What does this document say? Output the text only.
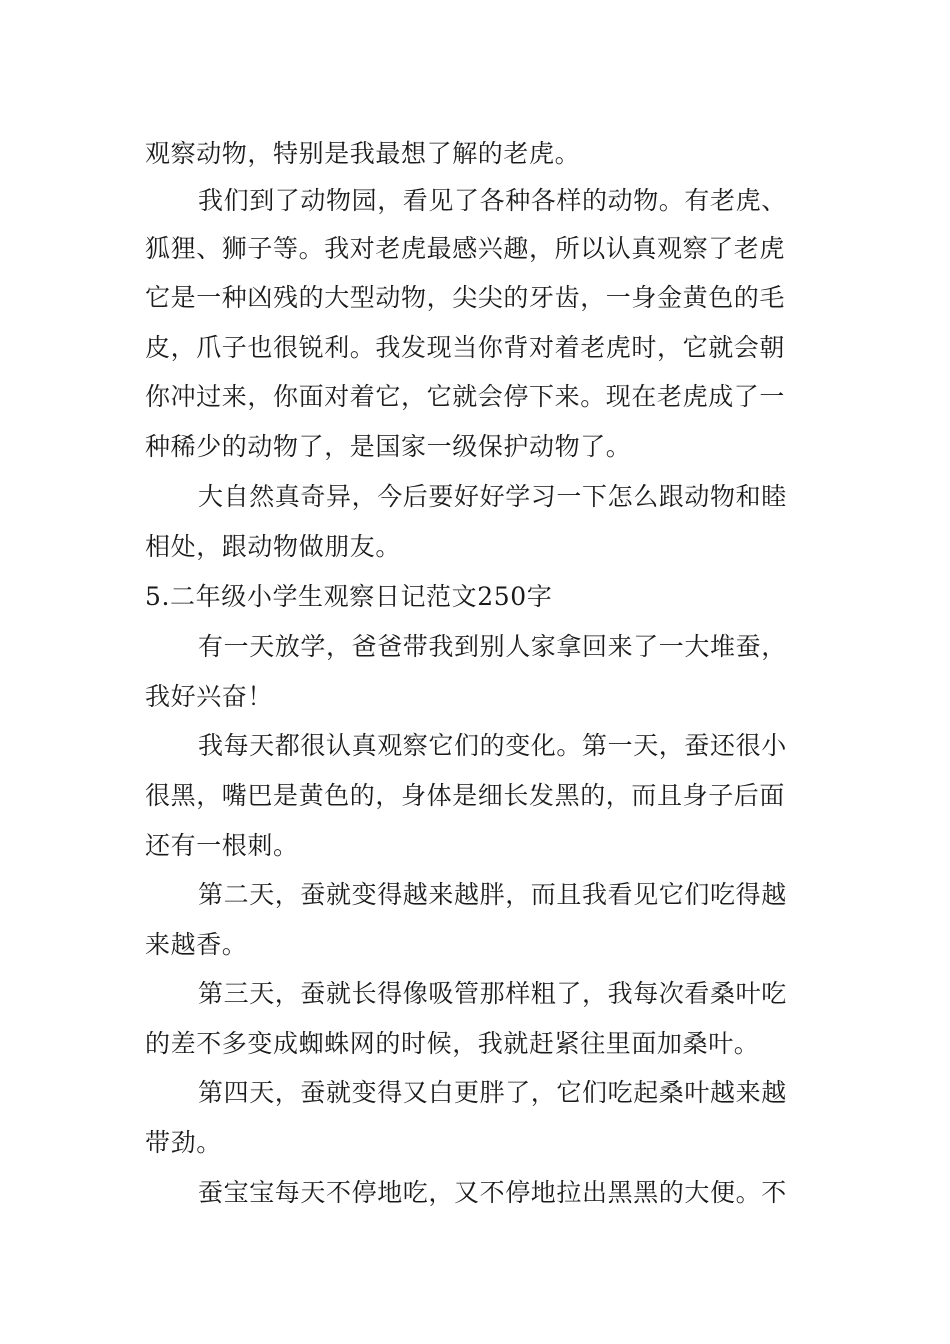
观察动物，特别是我最想了解的老虎。
我们到了动物园，看见了各种各样的动物。有老虎、
狐狸、狮子等。我对老虎最感兴趣，所以认真观察了老虎
它是一种凶残的大型动物，尖尖的牙齿，一身金黄色的毛
皮，爪子也很锐利。我发现当你背对着老虎时，它就会朝
你冲过来，你面对着它，它就会停下来。现在老虎成了一
种稀少的动物了，是国家一级保护动物了。
大自然真奇异，今后要好好学习一下怎么跟动物和睦
相处，跟动物做朋友。
5.二年级小学生观察日记范文250字
有一天放学，爸爸带我到别人家拿回来了一大堆蚕，
我好兴奋！
我每天都很认真观察它们的变化。第一天，蚕还很小
很黑，嘴巴是黄色的，身体是细长发黑的，而且身子后面
还有一根刺。
第二天，蚕就变得越来越胖，而且我看见它们吃得越
来越香。
第三天，蚕就长得像吸管那样粗了，我每次看桑叶吃
的差不多变成蜘蛛网的时候，我就赶紧往里面加桑叶。
第四天，蚕就变得又白更胖了，它们吃起桑叶越来越
带劲。
蚕宝宝每天不停地吃，又不停地拉出黑黑的大便。不
